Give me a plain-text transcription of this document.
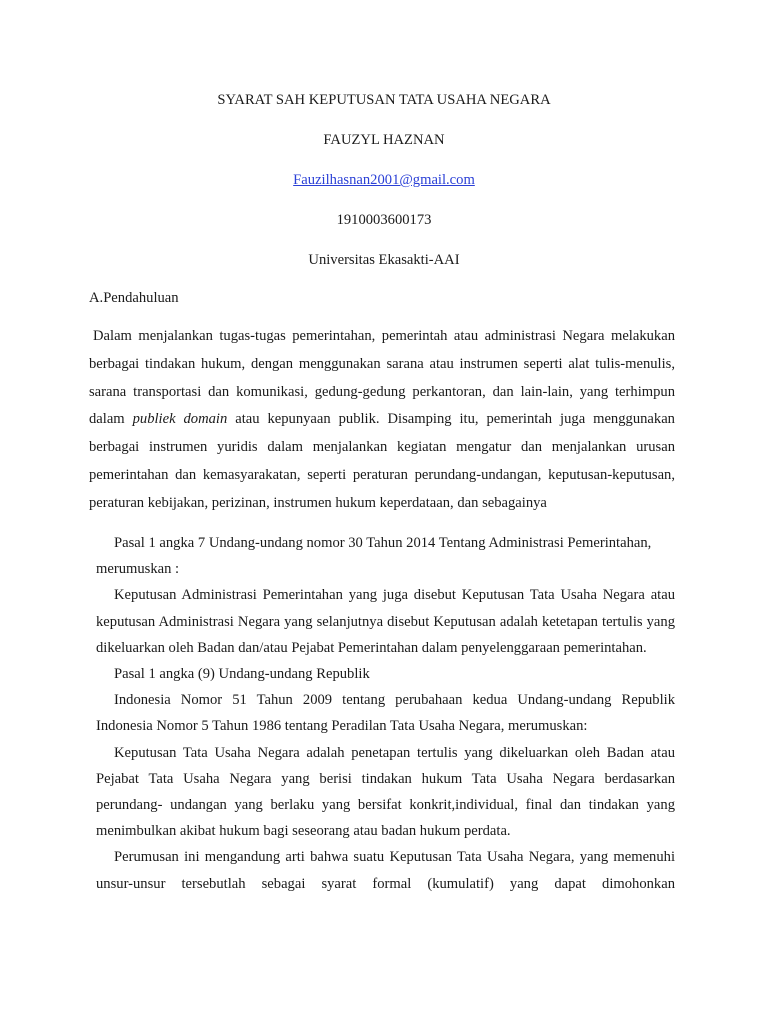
SYARAT SAH KEPUTUSAN TATA USAHA NEGARA
FAUZYL HAZNAN
Fauzilhasnan2001@gmail.com
1910003600173
Universitas Ekasakti-AAI
A.Pendahuluan

Dalam menjalankan tugas-tugas pemerintahan, pemerintah atau administrasi Negara melakukan berbagai tindakan hukum, dengan menggunakan sarana atau instrumen seperti alat tulis-menulis, sarana transportasi dan komunikasi, gedung-gedung perkantoran, dan lain-lain, yang terhimpun dalam publiek domain atau kepunyaan publik. Disamping itu, pemerintah juga menggunakan berbagai instrumen yuridis dalam menjalankan kegiatan mengatur dan menjalankan urusan pemerintahan dan kemasyarakatan, seperti peraturan perundang-undangan, keputusan-keputusan, peraturan kebijakan, perizinan, instrumen hukum keperdataan, dan sebagainya

Pasal 1 angka 7 Undang-undang nomor 30 Tahun 2014 Tentang Administrasi Pemerintahan,

merumuskan :

Keputusan Administrasi Pemerintahan yang juga disebut Keputusan Tata Usaha Negara atau keputusan Administrasi Negara yang selanjutnya disebut Keputusan adalah ketetapan tertulis yang dikeluarkan oleh Badan dan/atau Pejabat Pemerintahan dalam penyelenggaraan pemerintahan.

Pasal 1 angka (9) Undang-undang Republik

Indonesia Nomor 51 Tahun 2009 tentang perubahaan kedua Undang-undang Republik Indonesia Nomor 5 Tahun 1986 tentang Peradilan Tata Usaha Negara, merumuskan:

Keputusan Tata Usaha Negara adalah penetapan tertulis yang dikeluarkan oleh Badan atau Pejabat Tata Usaha Negara yang berisi tindakan hukum Tata Usaha Negara berdasarkan perundang- undangan yang berlaku yang bersifat konkrit,individual, final dan tindakan yang menimbulkan akibat hukum bagi seseorang atau badan hukum perdata.

Perumusan ini mengandung arti bahwa suatu Keputusan Tata Usaha Negara, yang memenuhi unsur-unsur tersebutlah sebagai syarat formal (kumulatif) yang dapat dimohonkan
